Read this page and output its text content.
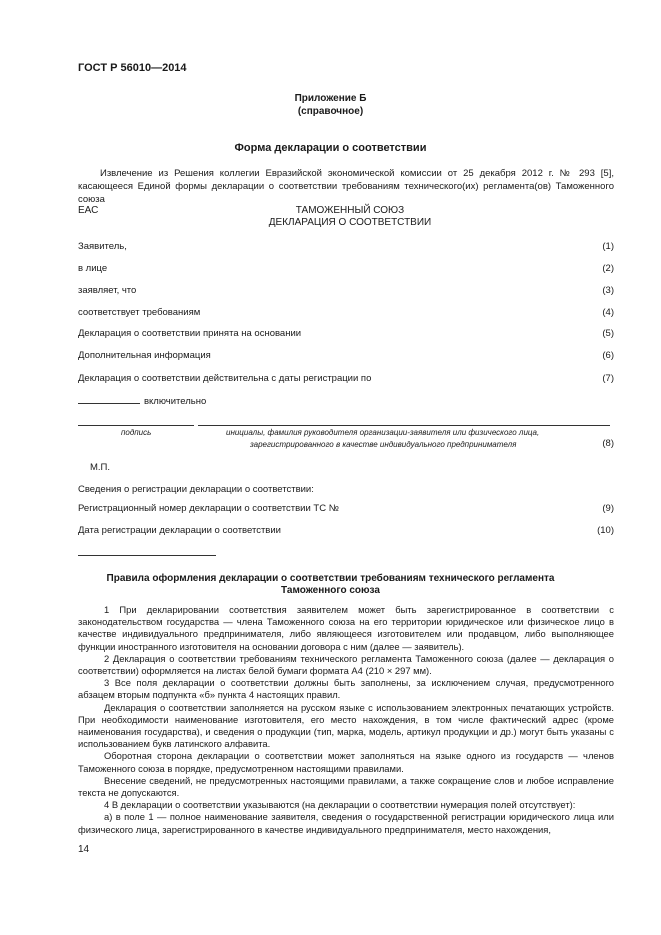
ГОСТ Р 56010—2014
Приложение Б
(справочное)
Форма декларации о соответствии
Извлечение из Решения коллегии Евразийской экономической комиссии от 25 декабря 2012 г. № 293 [5], касающееся Единой формы декларации о соответствии требованиям технического(их) регламента(ов) Таможенного союза
ЕАС	ТАМОЖЕННЫЙ СОЮЗ
ДЕКЛАРАЦИЯ О СООТВЕТСТВИИ
Заявитель,	(1)
в лице	(2)
заявляет, что	(3)
соответствует требованиям	(4)
Декларация о соответствии принята на основании	(5)
Дополнительная информация	(6)
Декларация о соответствии действительна с даты регистрации по	(7)
включительно
подпись	инициалы, фамилия руководителя организации-заявителя или физического лица,
зарегистрированного в качестве индивидуального предпринимателя	(8)
М.П.
Сведения о регистрации декларации о соответствии:
Регистрационный номер декларации о соответствии ТС №	(9)
Дата регистрации декларации о соответствии	(10)
Правила оформления декларации о соответствии требованиям технического регламента
Таможенного союза

1 При декларировании соответствия заявителем может быть зарегистрированное в соответствии с законодательством государства — члена Таможенного союза на его территории юридическое или физическое лицо в качестве индивидуального предпринимателя, либо являющееся изготовителем или продавцом, либо выполняющее функции иностранного изготовителя на основании договора с ним (далее — заявитель).

2 Декларация о соответствии требованиям технического регламента Таможенного союза (далее — декларация о соответствии) оформляется на листах белой бумаги формата А4 (210 × 297 мм).

3 Все поля декларации о соответствии должны быть заполнены, за исключением случая, предусмотренного абзацем вторым подпункта «б» пункта 4 настоящих правил.

Декларация о соответствии заполняется на русском языке с использованием электронных печатающих устройств. При необходимости наименование изготовителя, его место нахождения, в том числе фактический адрес (кроме наименования государства), и сведения о продукции (тип, марка, модель, артикул продукции и др.) могут быть указаны с использованием букв латинского алфавита.

Оборотная сторона декларации о соответствии может заполняться на языке одного из государств — членов Таможенного союза в порядке, предусмотренном настоящими правилами.

Внесение сведений, не предусмотренных настоящими правилами, а также сокращение слов и любое исправление текста не допускаются.

4 В декларации о соответствии указываются (на декларации о соответствии нумерация полей отсутствует):

а) в поле 1 — полное наименование заявителя, сведения о государственной регистрации юридического лица или физического лица, зарегистрированного в качестве индивидуального предпринимателя, место нахождения,

14
